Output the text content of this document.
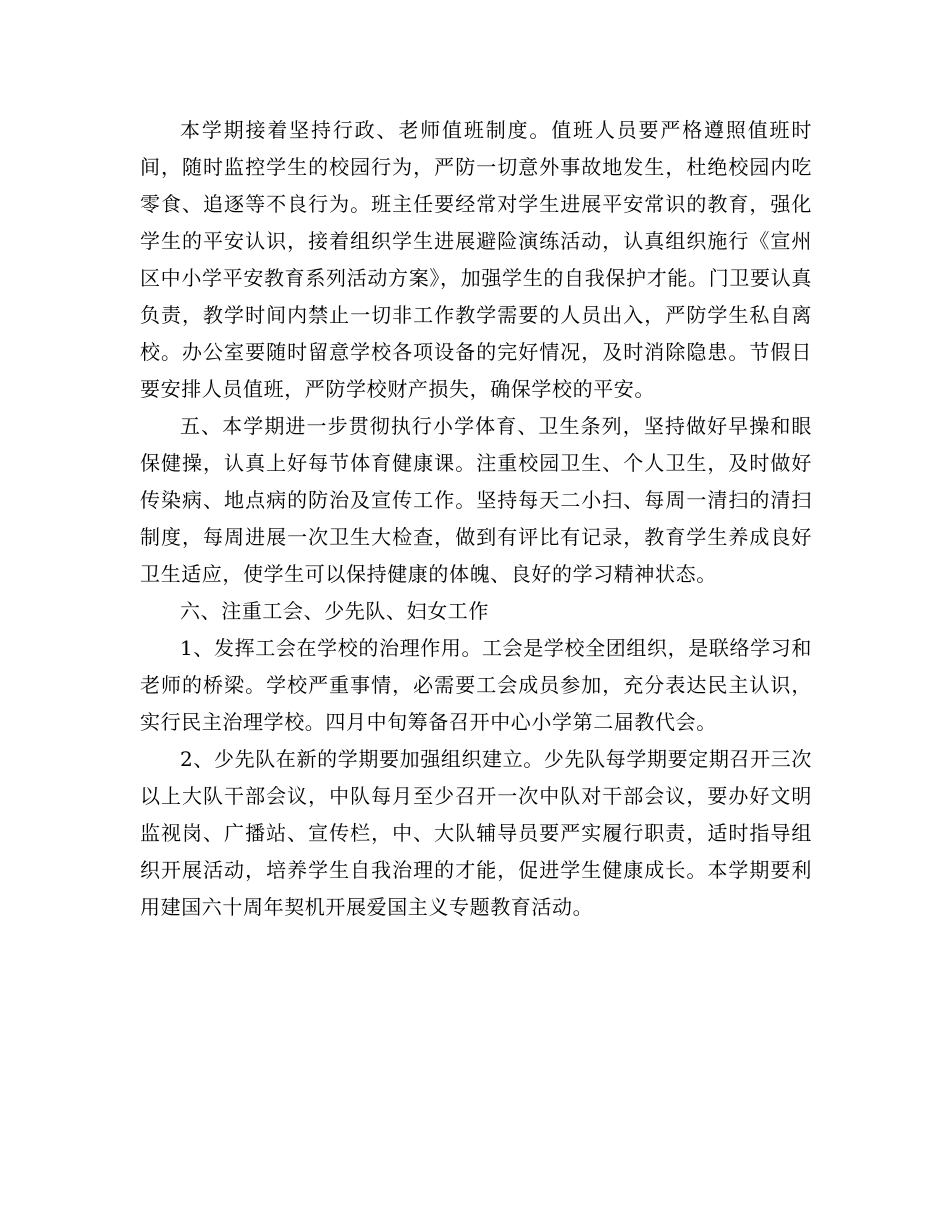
本学期接着坚持行政、老师值班制度。值班人员要严格遵照值班时间，随时监控学生的校园行为，严防一切意外事故地发生，杜绝校园内吃零食、追逐等不良行为。班主任要经常对学生进展平安常识的教育，强化学生的平安认识，接着组织学生进展避险演练活动，认真组织施行《宣州区中小学平安教育系列活动方案》，加强学生的自我保护才能。门卫要认真负责，教学时间内禁止一切非工作教学需要的人员出入，严防学生私自离校。办公室要随时留意学校各项设备的完好情况，及时消除隐患。节假日要安排人员值班，严防学校财产损失，确保学校的平安。

五、本学期进一步贯彻执行小学体育、卫生条列，坚持做好早操和眼保健操，认真上好每节体育健康课。注重校园卫生、个人卫生，及时做好传染病、地点病的防治及宣传工作。坚持每天二小扫、每周一清扫的清扫制度，每周进展一次卫生大检查，做到有评比有记录，教育学生养成良好卫生适应，使学生可以保持健康的体魄、良好的学习精神状态。

六、注重工会、少先队、妇女工作

1、发挥工会在学校的治理作用。工会是学校全团组织，是联络学习和老师的桥梁。学校严重事情，必需要工会成员参加，充分表达民主认识，实行民主治理学校。四月中旬筹备召开中心小学第二届教代会。

2、少先队在新的学期要加强组织建立。少先队每学期要定期召开三次以上大队干部会议，中队每月至少召开一次中队对干部会议，要办好文明监视岗、广播站、宣传栏，中、大队辅导员要严实履行职责，适时指导组织开展活动，培养学生自我治理的才能，促进学生健康成长。本学期要利用建国六十周年契机开展爱国主义专题教育活动。
